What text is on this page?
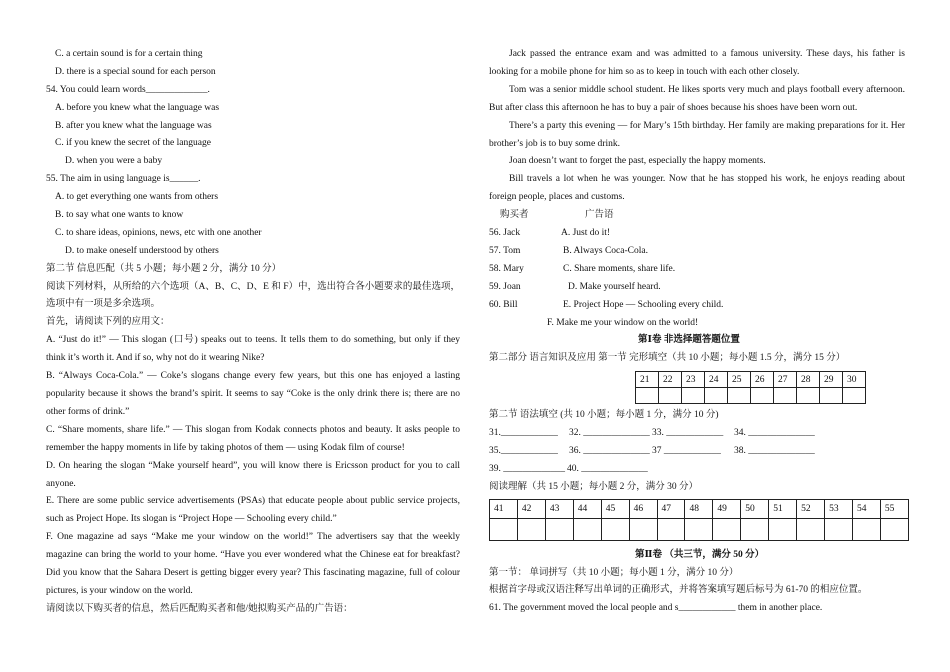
C. a certain sound is for a certain thing
D. there is a special sound for each person
54. You could learn words_____________.
A. before you knew what the language was
B. after you knew what the language was
C. if you knew the secret of the language
D. when you were a baby
55. The aim in using language is______.
A. to get everything one wants from others
B. to say what one wants to know
C. to share ideas, opinions, news, etc with one another
D. to make oneself understood by others
第二节 信息匹配（共 5 小题；每小题 2 分，满分 10 分）
阅读下列材料，从所给的六个选项（A、B、C、D、E 和 F）中，选出符合各小题要求的最佳选项，选项中有一项是多余选项。
首先，请阅读下列的应用文：
A. “Just do it!” — This slogan (口号) speaks out to teens. It tells them to do something, but only if they think it’s worth it. And if so, why not do it wearing Nike?
B. “Always Coca-Cola.” — Coke’s slogans change every few years, but this one has enjoyed a lasting popularity because it shows the brand’s spirit. It seems to say “Coke is the only drink there is; there are no other forms of drink.”
C. “Share moments, share life.” — This slogan from Kodak connects photos and beauty. It asks people to remember the happy moments in life by taking photos of them — using Kodak film of course!
D. On hearing the slogan “Make yourself heard”, you will know there is Ericsson product for you to call anyone.
E. There are some public service advertisements (PSAs) that educate people about public service projects, such as Project Hope. Its slogan is “Project Hope — Schooling every child.”
F. One magazine ad says “Make me your window on the world!” The advertisers say that the weekly magazine can bring the world to your home. “Have you ever wondered what the Chinese eat for breakfast? Did you know that the Sahara Desert is getting bigger every year? This fascinating magazine, full of colour pictures, is your window on the world.
请阅读以下购买者的信息，然后匹配购买者和他/她拟购买产品的广告语：
Jack passed the entrance exam and was admitted to a famous university. These days, his father is looking for a mobile phone for him so as to keep in touch with each other closely.
Tom was a senior middle school student. He likes sports very much and plays football every afternoon. But after class this afternoon he has to buy a pair of shoes because his shoes have been worn out.
There’s a party this evening — for Mary’s 15th birthday. Her family are making preparations for it. Her brother’s job is to buy some drink.
Joan doesn’t want to forget the past, especially the happy moments.
Bill travels a lot when he was younger. Now that he has stopped his work, he enjoys reading about foreign people, places and customs.
购买者	广告语
56. Jack	A. Just do it!
57. Tom	B. Always Coca-Cola.
58. Mary	C. Share moments, share life.
59. Joan	D. Make yourself heard.
60. Bill	E. Project Hope — Schooling every child.
F. Make me your window on the world!
第Ⅰ卷 非选择题答题位置
第二部分 语言知识及应用 第一节 完形填空（共 10 小题；每小题 1.5 分，满分 15 分）
21	22	23	24	25	26	27	28	29	30

第二节 语法填空 (共 10 小题；每小题 1 分，满分 10 分)
31.____________ 32. ______________ 33. ____________ 34. ______________
35.____________ 36. ______________ 37 ____________ 38. ______________
39. _____________ 40. ______________
阅读理解（共 15 小题；每小题 2 分，满分 30 分）
41	42	43	44	45	46	47	48	49	50	51	52	53	54	55

第Ⅱ卷 （共三节，满分 50 分）
第一节： 单词拼写（共 10 小题；每小题 1 分，满分 10 分）
根据首字母或汉语注释写出单词的正确形式，并将答案填写题后标号为 61-70 的相应位置。
61. The government moved the local people and s____________ them in another place.
